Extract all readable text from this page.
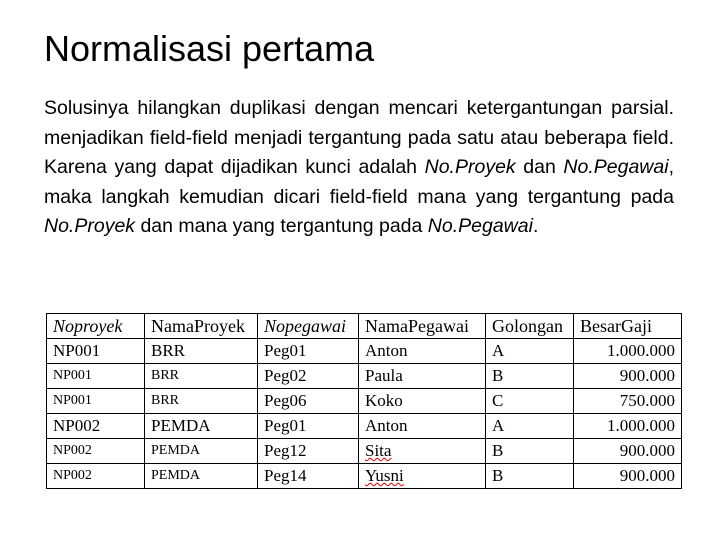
Normalisasi pertama
Solusinya hilangkan duplikasi dengan mencari ketergantungan parsial. menjadikan field-field menjadi tergantung pada satu atau beberapa field. Karena yang dapat dijadikan kunci adalah No.Proyek dan No.Pegawai, maka langkah kemudian dicari field-field mana yang tergantung pada No.Proyek dan mana yang tergantung pada No.Pegawai.
Noproyek	NamaProyek	Nopegawai	NamaPegawai	Golongan	BesarGaji
NP001	BRR	Peg01	Anton	A	1.000.000
NP001	BRR	Peg02	Paula	B	900.000
NP001	BRR	Peg06	Koko	C	750.000
NP002	PEMDA	Peg01	Anton	A	1.000.000
NP002	PEMDA	Peg12	Sita	B	900.000
NP002	PEMDA	Peg14	Yusni	B	900.000
